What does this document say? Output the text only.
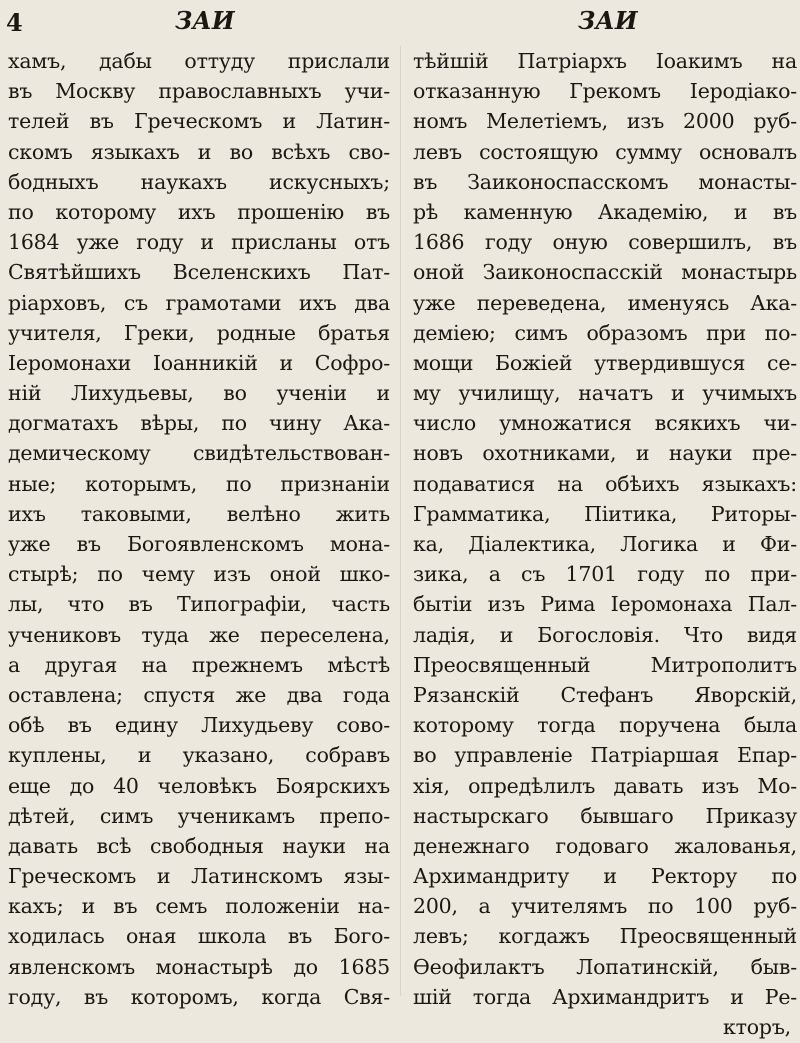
4	ЗАИ	ЗАИ
хамъ, дабы оттуду прислали
въ Москву православныхъ учи-
телей въ Греческомъ и Латин-
скомъ языкахъ и во всѣхъ сво-
бодныхъ наукахъ искусныхъ;
по которому ихъ прошенію въ
1684 уже году и присланы отъ
Святѣйшихъ Вселенскихъ Пат-
ріарховъ, съ грамотами ихъ два
учителя, Греки, родные братья
Іеромонахи Іоанникій и Софро-
ній Лихудьевы, во ученіи и
догматахъ вѣры, по чину Ака-
демическому свидѣтельствован-
ные; которымъ, по признаніи
ихъ таковыми, велѣно жить
уже въ Богоявленскомъ мона-
стырѣ; по чему изъ оной шко-
лы, что въ Типографіи, часть
учениковъ туда же переселена,
а другая на прежнемъ мѣстѣ
оставлена; спустя же два года
обѣ въ едину Лихудьеву сово-
куплены, и указано, собравъ
еще до 40 человѣкъ Боярскихъ
дѣтей, симъ ученикамъ препо-
давать всѣ свободныя науки на
Греческомъ и Латинскомъ язы-
кахъ; и въ семъ положеніи на-
ходилась оная школа въ Бого-
явленскомъ монастырѣ до 1685
году, въ которомъ, когда Свя-
тѣйшій Патріархъ Іоакимъ на
отказанную Грекомъ Іеродіако-
номъ Мелетіемъ, изъ 2000 руб-
левъ состоящую сумму основалъ
въ Заиконоспасскомъ монасты-
рѣ каменную Академію, и въ
1686 году оную совершилъ, въ
оной Заиконоспасскій монастырь
уже переведена, именуясь Ака-
деміею; симъ образомъ при по-
мощи Божіей утвердившуся се-
му училищу, начатъ и учимыхъ
число умножатися всякихъ чи-
новъ охотниками, и науки пре-
подаватися на обѣихъ языкахъ:
Грамматика, Піитика, Риторы-
ка, Діалектика, Логика и Фи-
зика, а съ 1701 году по при-
бытіи изъ Рима Іеромонаха Пал-
ладія, и Богословія. Что видя
Преосвященный Митрополитъ
Рязанскій Стефанъ Яворскій,
которому тогда поручена была
во управленіе Патріаршая Епар-
хія, опредѣлилъ давать изъ Мо-
настырскаго бывшаго Приказу
денежнаго годоваго жалованья,
Архимандриту и Ректору по
200, а учителямъ по 100 руб-
левъ; когдажъ Преосвященный
Ѳеофилактъ Лопатинскій, быв-
шій тогда Архимандритъ и Ре-
кторъ,
